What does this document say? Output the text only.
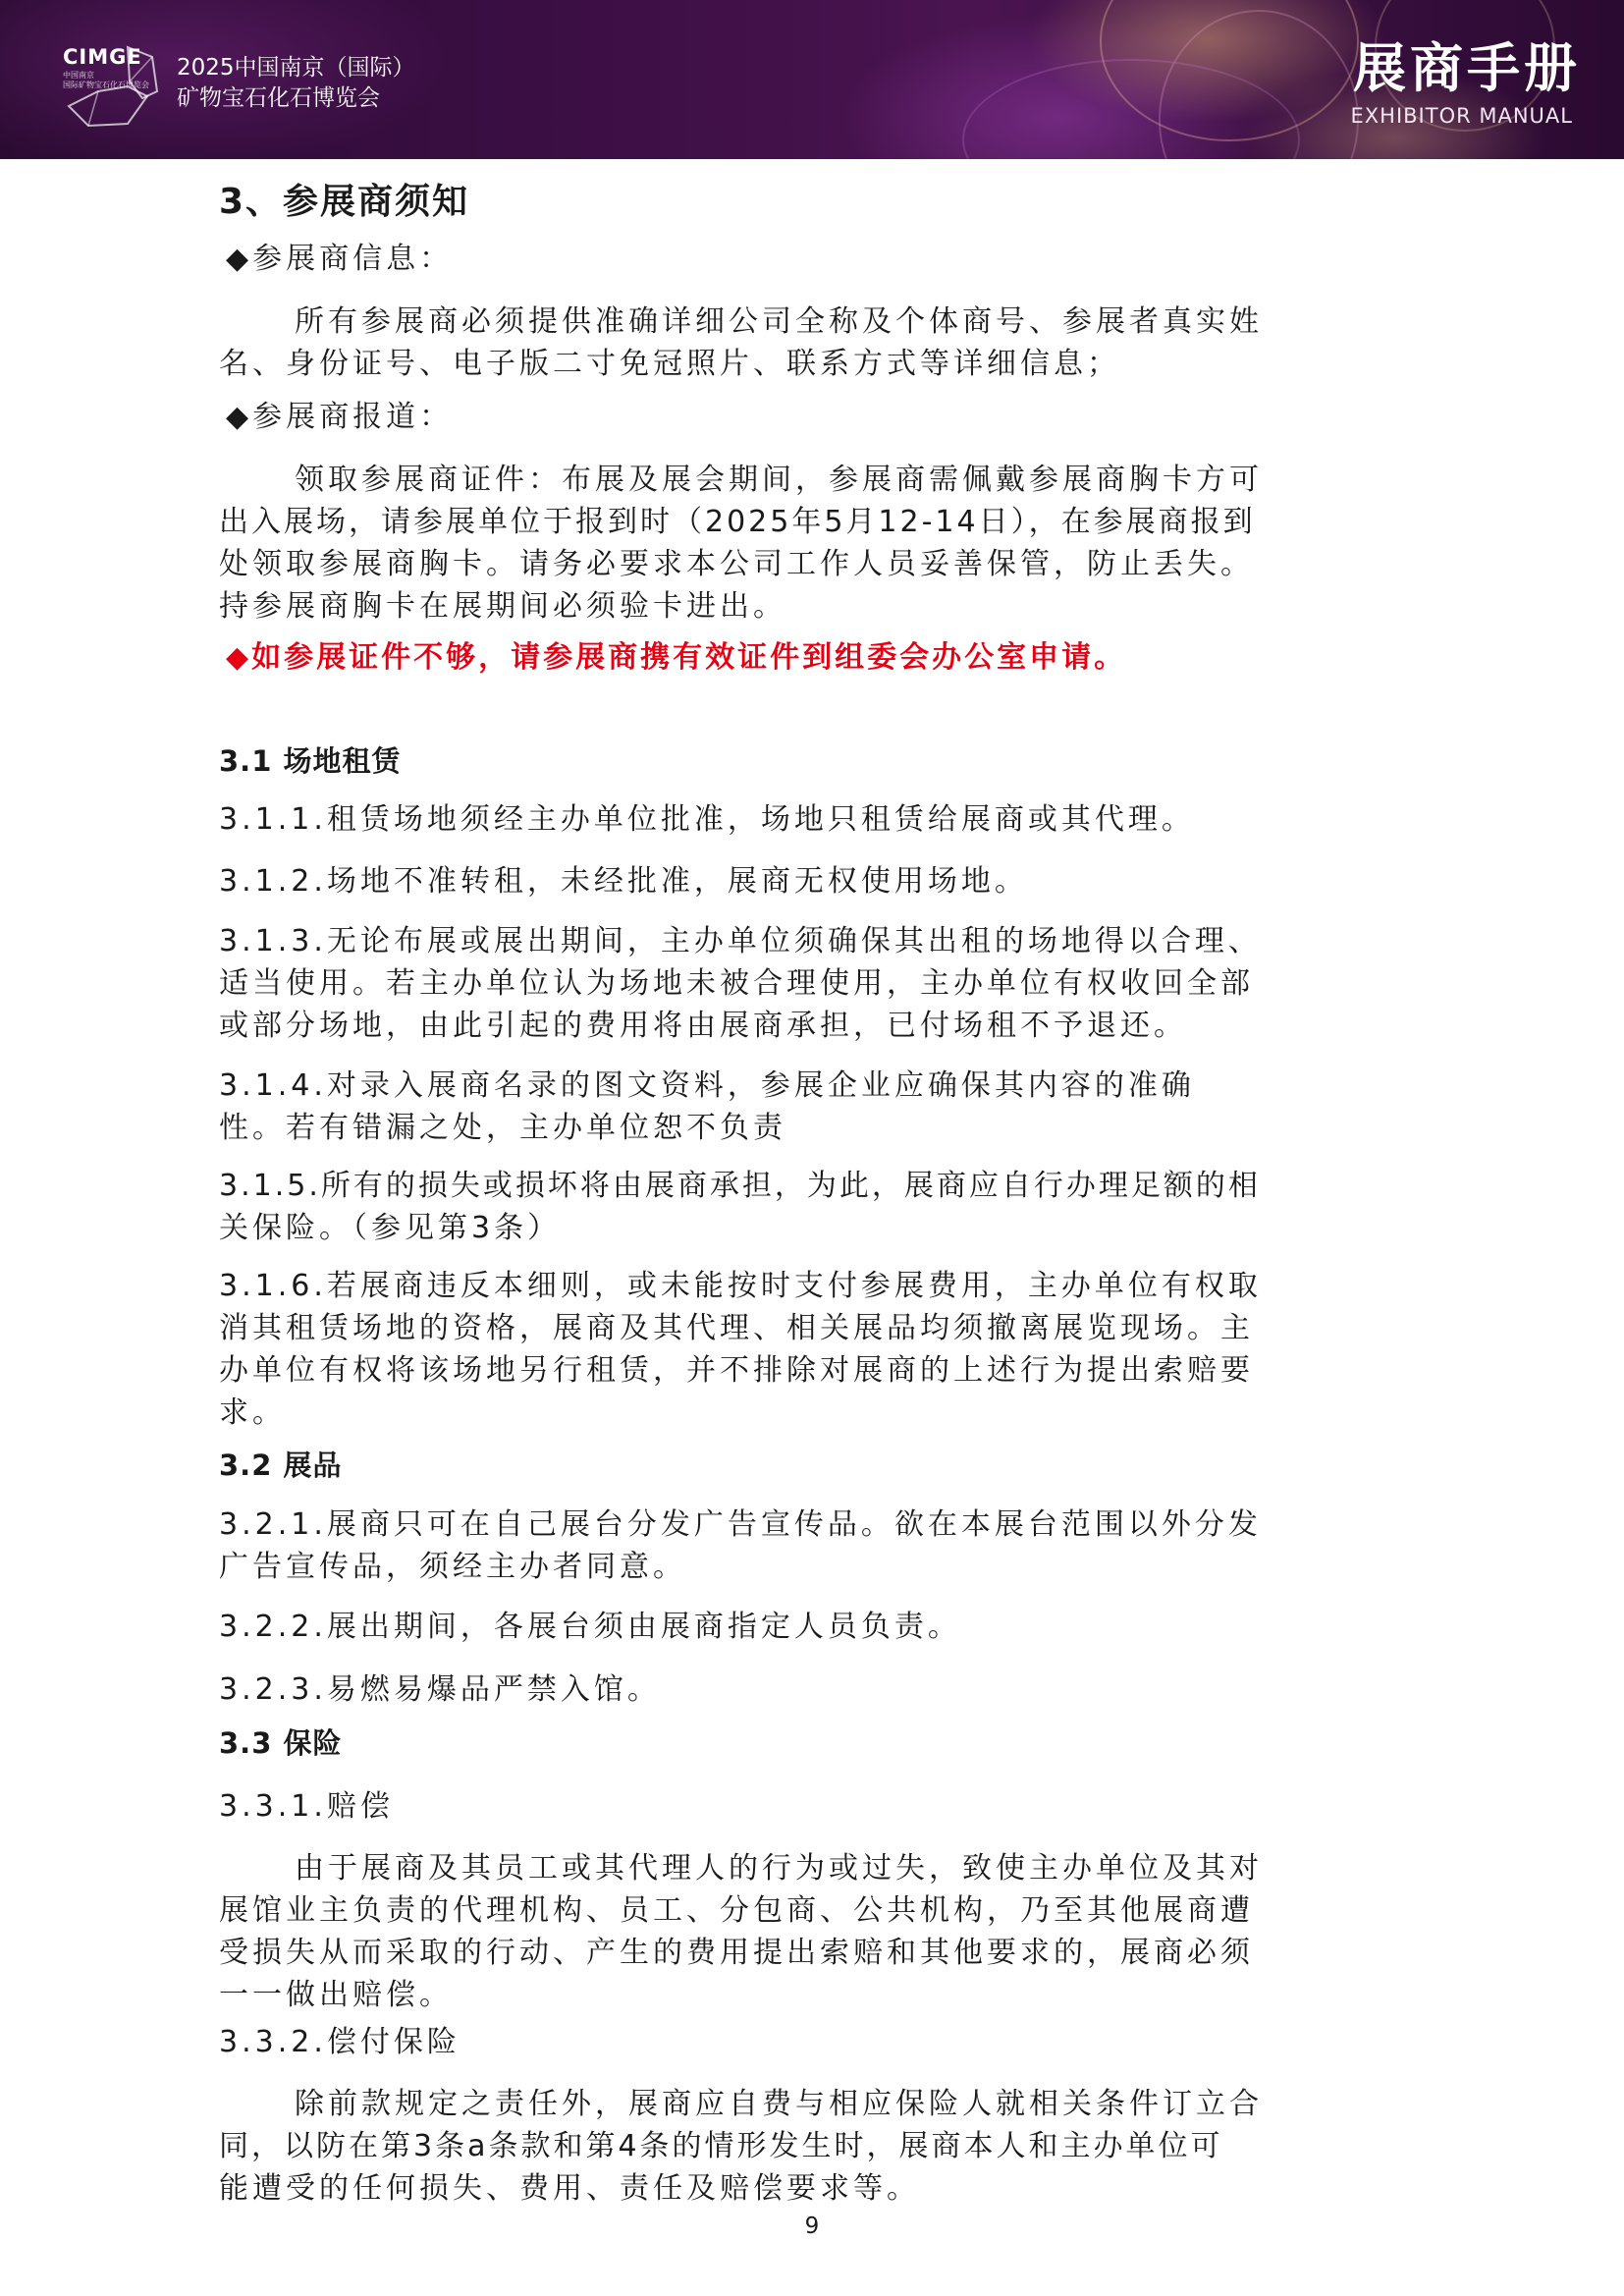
CIMGE
中国南京
国际矿物宝石化石博览会
2025中国南京（国际）
矿物宝石化石博览会	展商手册
EXHIBITOR MANUAL
3、参展商须知
◆参展商信息：
所有参展商必须提供准确详细公司全称及个体商号、参展者真实姓
名、身份证号、电子版二寸免冠照片、联系方式等详细信息；
◆参展商报道：
领取参展商证件：布展及展会期间，参展商需佩戴参展商胸卡方可
出入展场，请参展单位于报到时（2025年5月12-14日），在参展商报到
处领取参展商胸卡。请务必要求本公司工作人员妥善保管，防止丢失。
持参展商胸卡在展期间必须验卡进出。
◆如参展证件不够，请参展商携有效证件到组委会办公室申请。
3.1 场地租赁
3.1.1.租赁场地须经主办单位批准，场地只租赁给展商或其代理。
3.1.2.场地不准转租，未经批准，展商无权使用场地。
3.1.3.无论布展或展出期间，主办单位须确保其出租的场地得以合理、
适当使用。若主办单位认为场地未被合理使用，主办单位有权收回全部
或部分场地，由此引起的费用将由展商承担，已付场租不予退还。
3.1.4.对录入展商名录的图文资料，参展企业应确保其内容的准确
性。若有错漏之处，主办单位恕不负责
3.1.5.所有的损失或损坏将由展商承担，为此，展商应自行办理足额的相
关保险。（参见第3条）
3.1.6.若展商违反本细则，或未能按时支付参展费用，主办单位有权取
消其租赁场地的资格，展商及其代理、相关展品均须撤离展览现场。主
办单位有权将该场地另行租赁，并不排除对展商的上述行为提出索赔要
求。
3.2 展品
3.2.1.展商只可在自己展台分发广告宣传品。欲在本展台范围以外分发
广告宣传品，须经主办者同意。
3.2.2.展出期间，各展台须由展商指定人员负责。
3.2.3.易燃易爆品严禁入馆。
3.3 保险
3.3.1.赔偿
由于展商及其员工或其代理人的行为或过失，致使主办单位及其对
展馆业主负责的代理机构、员工、分包商、公共机构，乃至其他展商遭
受损失从而采取的行动、产生的费用提出索赔和其他要求的，展商必须
一一做出赔偿。
3.3.2.偿付保险
除前款规定之责任外，展商应自费与相应保险人就相关条件订立合
同，以防在第3条a条款和第4条的情形发生时，展商本人和主办单位可
能遭受的任何损失、费用、责任及赔偿要求等。
9
